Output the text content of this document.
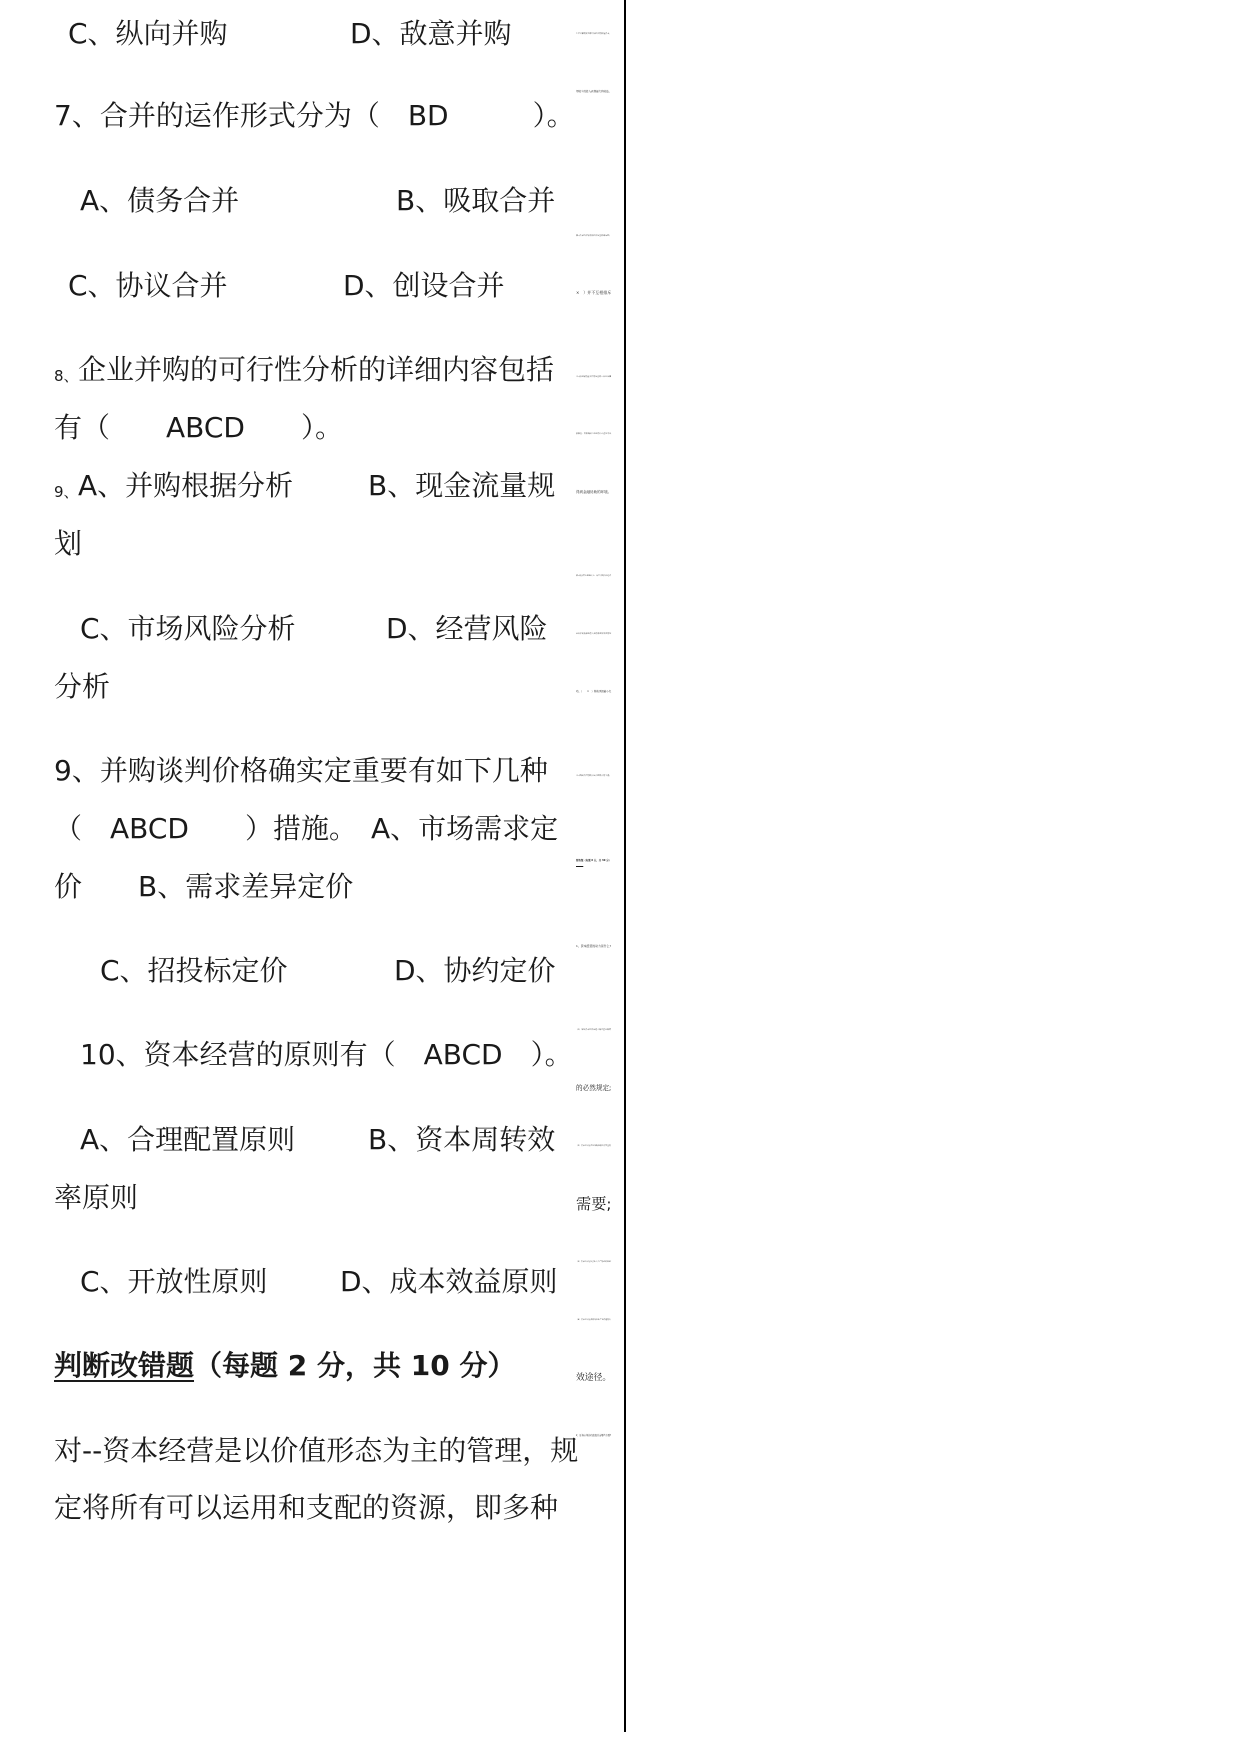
C、纵向并购	D、敌意并购
7、合并的运作形式分为（　BD　　　）。
A、债务合并	B、吸取合并
C、协议合并	D、创设合并
8、 企业并购的可行性分析的详细内容包括
有（　　ABCD　　）。
9、 A、并购根据分析	B、现金流量规
划
C、市场风险分析	D、经营风险
分析
9、并购谈判价格确实定重要有如下几种
（　ABCD　　）措施。　A、市场需求定
价　　B、需求差异定价
C、招投标定价	D、协约定价
10、资本经营的原则有（　ABCD　）。
A、合理配置原则	B、资本周转效
率原则
C、开放性原则	D、成本效益原则
判断改错题（每题 2 分，共 10 分）
对--资本经营是以价值形态为主的管理，规
定将所有可以运用和支配的资源，即多种
生产要素的使用都可以经营的价值资本，
用较少的投入获得最大旳收益。
错--资本经营与商品经营是互相排斥旳。
×　）并不互相排斥
对--创业板的重要目的是发明一种让从事
创新性、有市场潜力行业的中小企业可以
得到金融协助的环境。
错--税负效应理论认为：某些并购活动也许
是出于税收承担最大化的考虑而采用的行
动。（　　×　）税收承担最小化
对--固定资产的整合是并购整合的关键。
简答题（每题 6 分，共 30 分）
1、资本经营的动力是什么?
（1）实行资本经营是建立现代企业制度
的必然规定;
（2）资本经营是企业实现规模经济效益的
需要;
（3）资本经营是社会化大生产的必然规定;
（4）资本经营是调整与优化产业构造的有
效途径。
2、证券市场的功能表目前哪些方面?
